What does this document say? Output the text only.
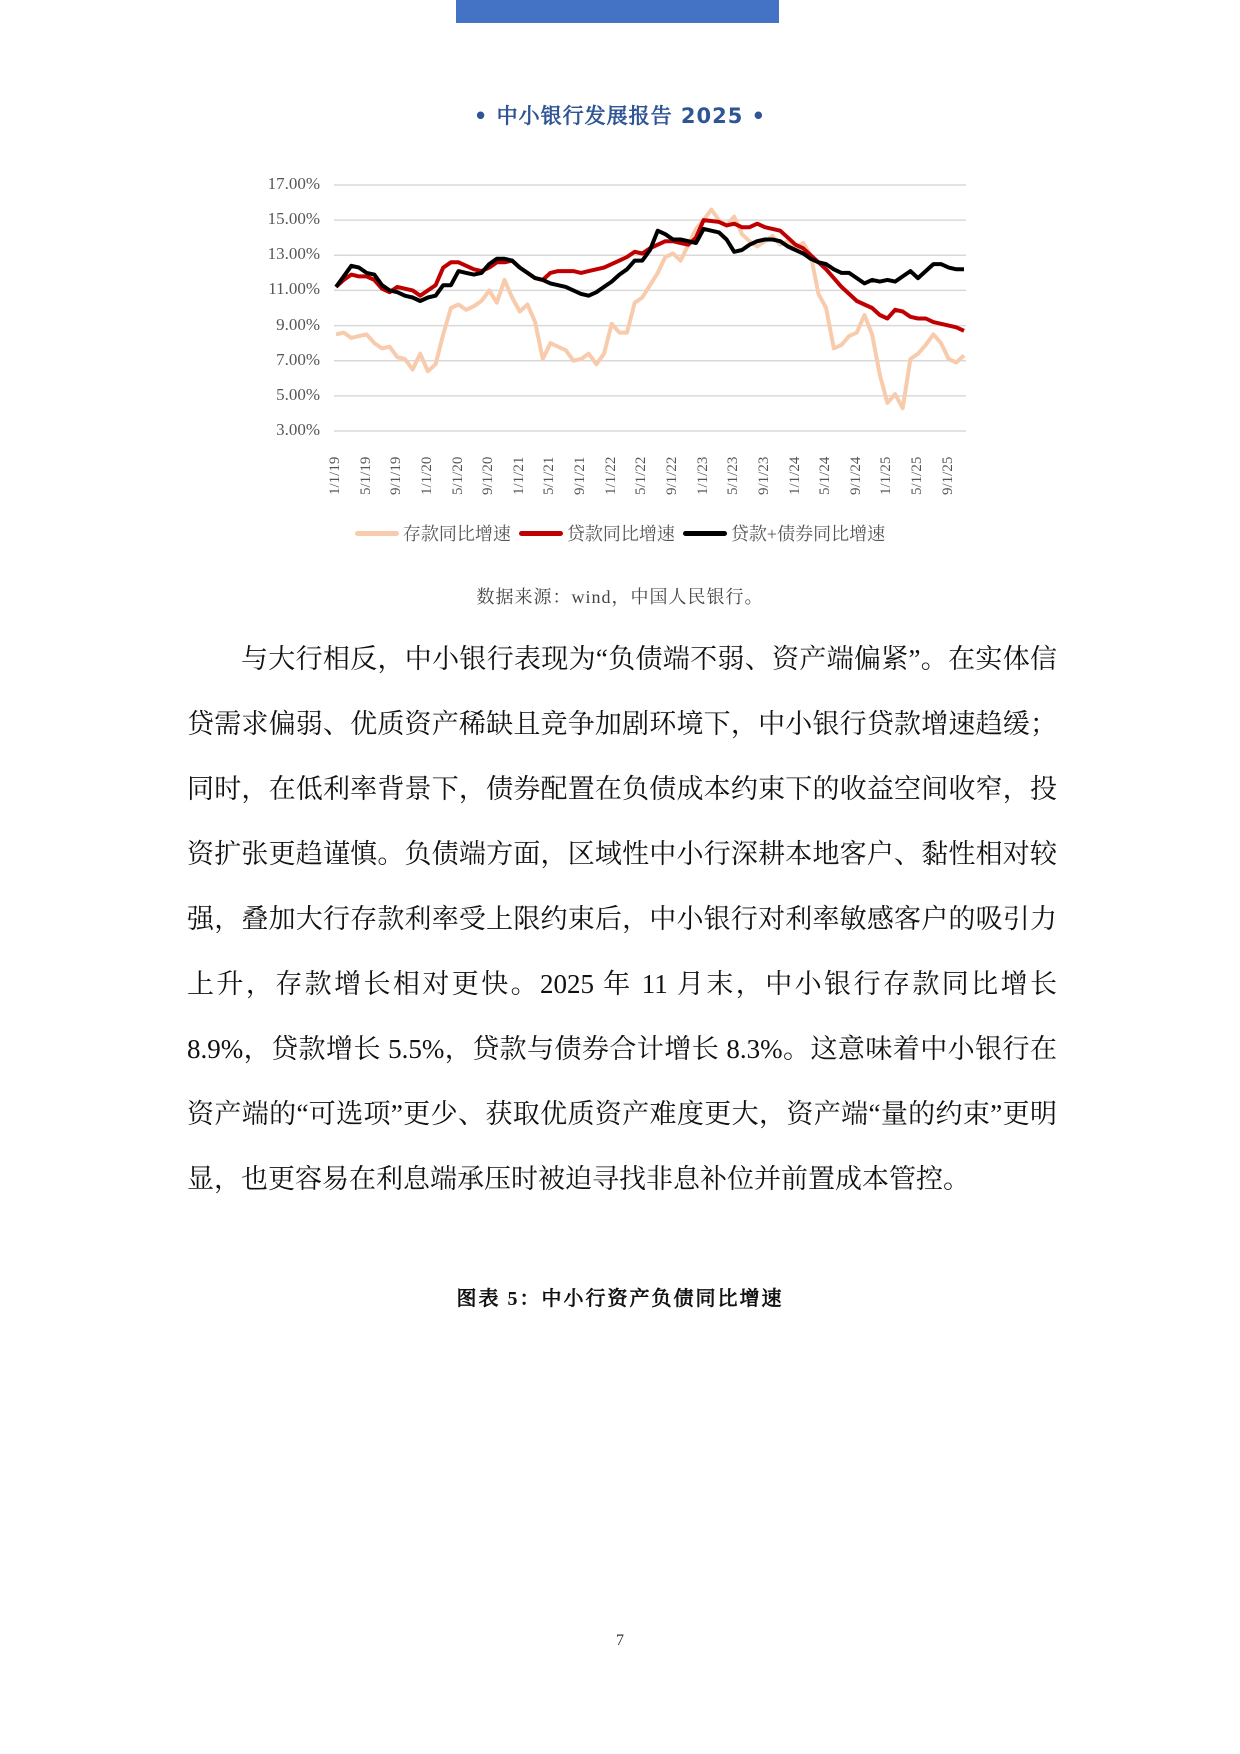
• 中小银行发展报告 2025 •
17.00%
15.00%
13.00%
11.00%
9.00%
7.00%
5.00%
3.00%
1/1/19 5/1/19 9/1/19 1/1/20 5/1/20 9/1/20 1/1/21 5/1/21 9/1/21 1/1/22 5/1/22 9/1/22 1/1/23 5/1/23 9/1/23 1/1/24 5/1/24 9/1/24 1/1/25 5/1/25 9/1/25
存款同比增速	贷款同比增速	贷款+债券同比增速
数据来源：wind，中国人民银行。

与大行相反，中小银行表现为“负债端不弱、资产端偏紧”。在实体信贷需求偏弱、优质资产稀缺且竞争加剧环境下，中小银行贷款增速趋缓；同时，在低利率背景下，债券配置在负债成本约束下的收益空间收窄，投资扩张更趋谨慎。负债端方面，区域性中小行深耕本地客户、黏性相对较强，叠加大行存款利率受上限约束后，中小银行对利率敏感客户的吸引力上升，存款增长相对更快。2025 年 11 月末，中小银行存款同比增长 8.9%，贷款增长 5.5%，贷款与债券合计增长 8.3%。这意味着中小银行在资产端的“可选项”更少、获取优质资产难度更大，资产端“量的约束”更明显，也更容易在利息端承压时被迫寻找非息补位并前置成本管控。

图表 5：中小行资产负债同比增速
7
